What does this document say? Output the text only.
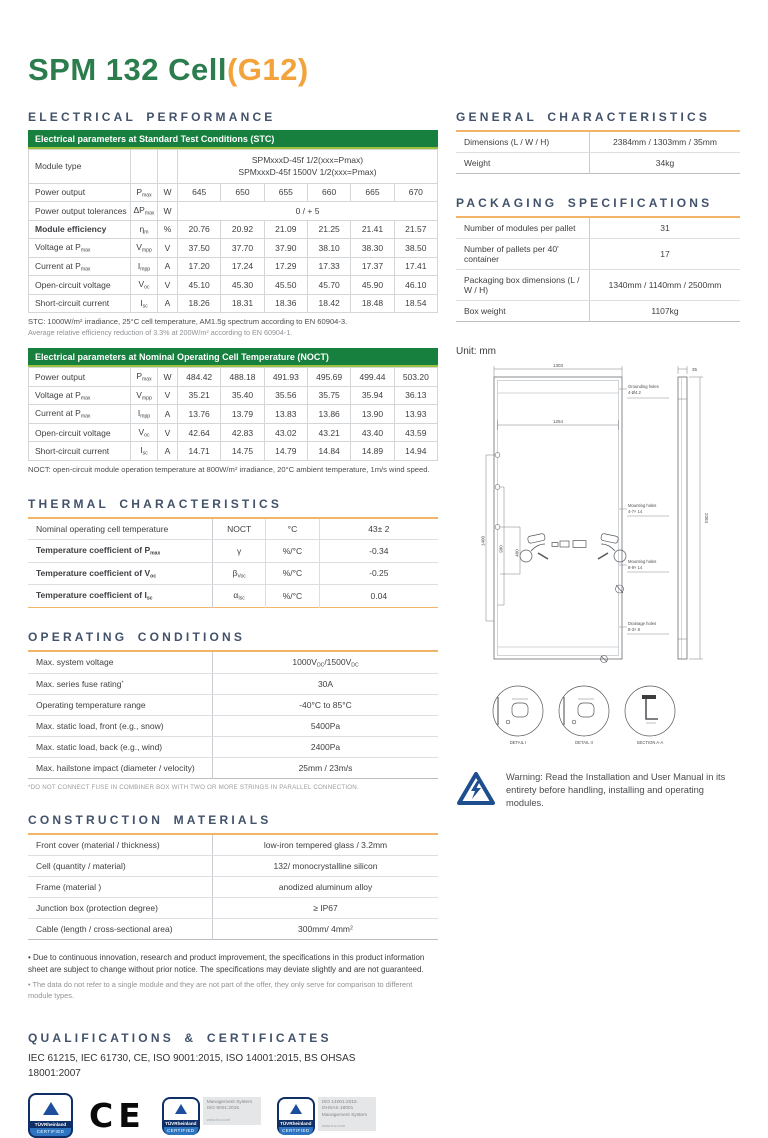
SPM 132 Cell(G12)
ELECTRICAL PERFORMANCE
Electrical parameters at Standard Test Conditions (STC)
Module type			SPMxxxD-45f 1/2(xxx=Pmax)
SPMxxxD-45f 1500V 1/2(xxx=Pmax)					

Power output	$P_{max}$	W	645	650	655	660	665	670
Power output tolerances	$\Delta P_{max}$	W	0 / + 5					
Module efficiency	$\eta_m$	%	20.76	20.92	21.09	21.25	21.41	21.57
Voltage at $P_{max}$	$V_{mpp}$	V	37.50	37.70	37.90	38.10	38.30	38.50
Current at $P_{max}$	$I_{mpp}$	A	17.20	17.24	17.29	17.33	17.37	17.41
Open-circuit voltage	$V_{oc}$	V	45.10	45.30	45.50	45.70	45.90	46.10
Short-circuit current	$I_{sc}$	A	18.26	18.31	18.36	18.42	18.48	18.54
STC: $1000W/m^2$ irradiance, 25°C cell temperature, AM1.5g spectrum according to EN 60904-3.
Average relative efficiency reduction of 3.3% at $200W/m^2$ according to EN 60904-1.
Electrical parameters at Nominal Operating Cell Temperature (NOCT)
Power output	$P_{max}$	W	484.42	488.18	491.93	495.69	499.44	503.20
Voltage at $P_{max}$	$V_{mpp}$	V	35.21	35.40	35.56	35.75	35.94	36.13
Current at $P_{max}$	$I_{mpp}$	A	13.76	13.79	13.83	13.86	13.90	13.93
Open-circuit voltage	$V_{oc}$	V	42.64	42.83	43.02	43.21	43.40	43.59
Short-circuit current	$I_{sc}$	A	14.71	14.75	14.79	14.84	14.89	14.94
NOCT: open-circuit module operation temperature at $800W/m^2$ irradiance, 20°C ambient temperature, 1m/s wind speed.
THERMAL CHARACTERISTICS
Nominal operating cell temperature	NOCT	°C	43± 2
Temperature coefficient of $P_{max}$	γ	%/°C	-0.34
Temperature coefficient of $V_{oc}$	$\beta_{Voc}$	%/°C	-0.25
Temperature coefficient of $I_{sc}$	$\alpha_{Isc}$	%/°C	0.04
OPERATING CONDITIONS
Max. system voltage	$1000V_{DC}/1500V_{DC}$
Max. series fuse rating*	30A
Operating temperature range	-40°C to 85°C
Max. static load, front (e.g., snow)	5400Pa
Max. static load, back (e.g., wind)	2400Pa
Max. hailstone impact (diameter / velocity)	25mm / 23m/s
*DO NOT CONNECT FUSE IN COMBINER BOX WITH TWO OR MORE STRINGS IN PARALLEL CONNECTION.
CONSTRUCTION MATERIALS
Front cover (material / thickness)	low-iron tempered glass / 3.2mm
Cell (quantity / material)	132/ monocrystalline silicon
Frame (material )	anodized aluminum alloy
Junction box (protection degree)	≥ IP67
Cable (length / cross-sectional area)	300mm/ $4mm^2$
• Due to continuous innovation, research and product improvement, the specifications in this product information sheet are subject to change without prior notice. The specifications may deviate slightly and are not guaranteed.
• The data do not refer to a single module and they are not part of the offer, they only serve for comparison to different module types.
QUALIFICATIONS & CERTIFICATES
IEC 61215, IEC 61730, CE, ISO 9001:2015, ISO 14001:2015, BS OHSAS 18001:2007
TÜVRheinland
CERTIFIED CE	TÜVRheinland
CERTIFIED
Management System ISO 9001:2015
www.tuv.com
TÜVRheinland
CERTIFIED
ISO 14001:2015 OHSAS 18001 Management System
www.tuv.com
GENERAL CHARACTERISTICS
Dimensions (L / W / H)	2384mm / 1303mm / 35mm
Weight	34kg
PACKAGING SPECIFICATIONS
Number of modules per pallet	31
Number of pallets per 40' container	17
Packaging box dimensions (L / W / H)	1340mm / 1140mm / 2500mm
Box weight	1107kg
Unit: mm
1303
1254
1400
990
400
Grounding holes
4-Ø4.2
Mounting holes
4-7× 14
Mounting holes
8-9× 14
Drainage holes
8-3× 8
35
2384
DETAIL I	DETAIL II	SECTION A-A
Warning: Read the Installation and User Manual in its entirety before handling, installing and operating modules.
